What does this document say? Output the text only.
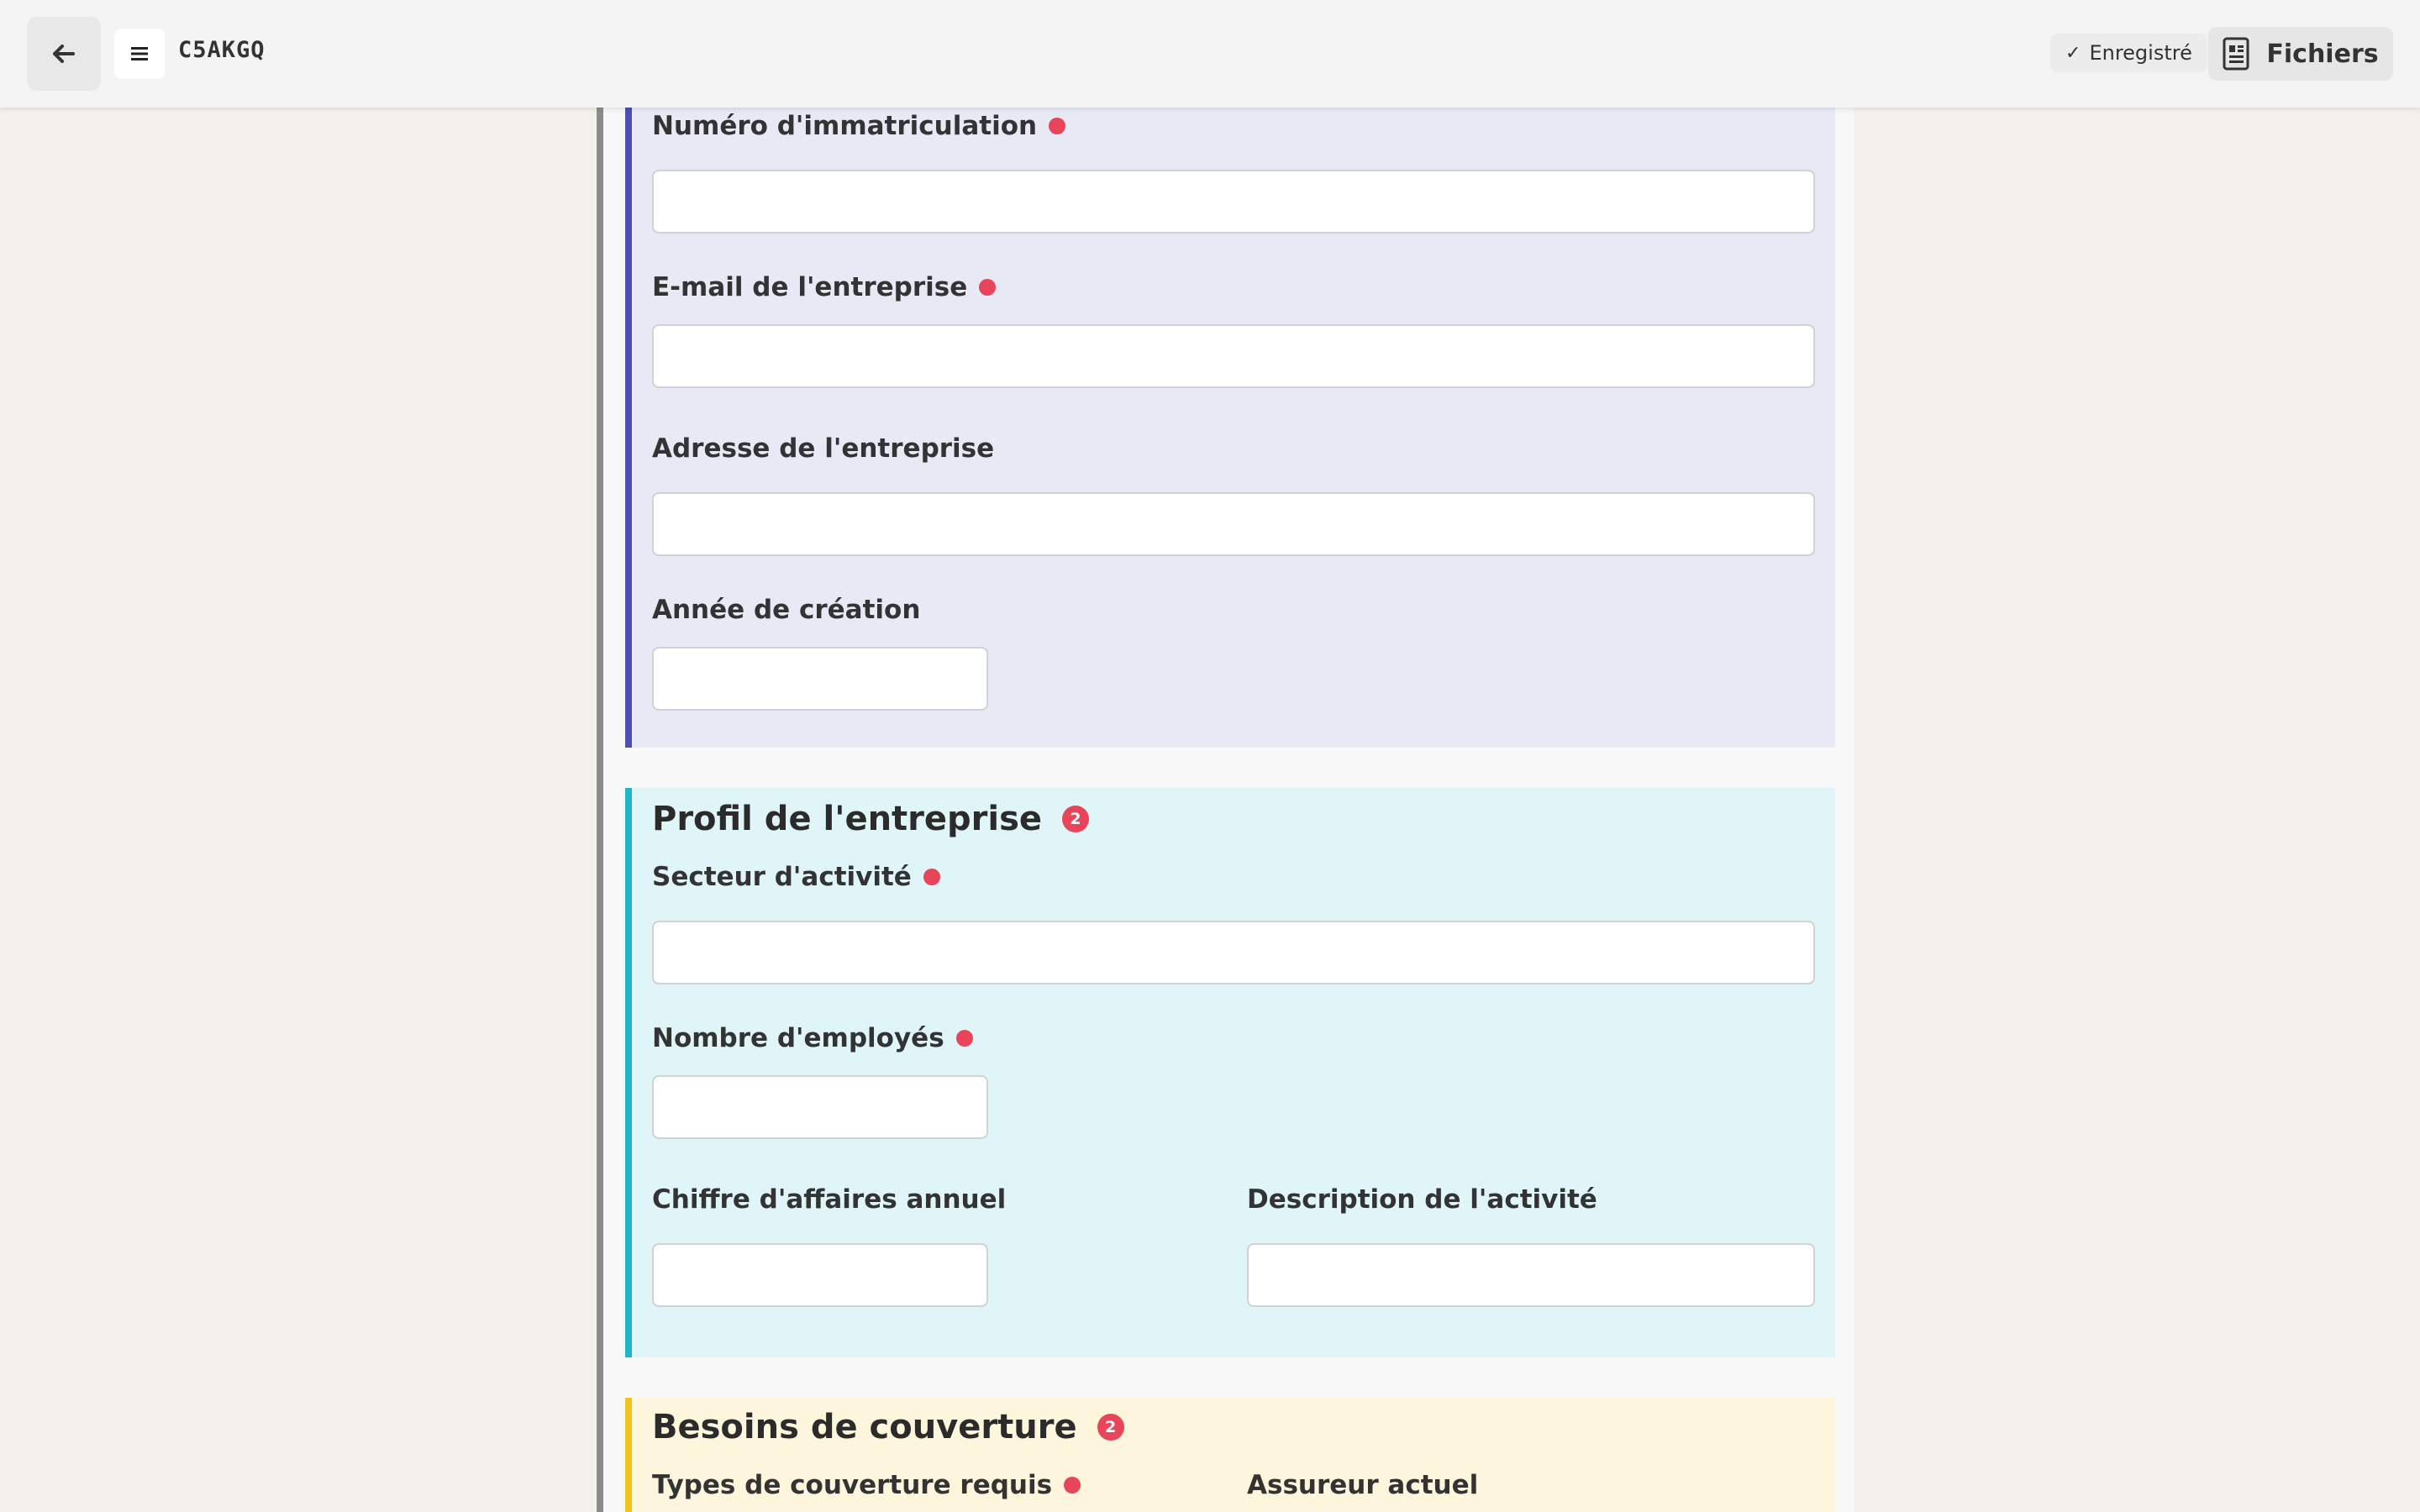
C5AKGQ	✓ Enregistré	Fichiers
Numéro d'immatriculation
E-mail de l'entreprise
Adresse de l'entreprise
Année de création
Profil de l'entreprise	2
Secteur d'activité
Nombre d'employés
Chiffre d'affaires annuel	Description de l'activité
Besoins de couverture	2
Types de couverture requis	Assureur actuel
